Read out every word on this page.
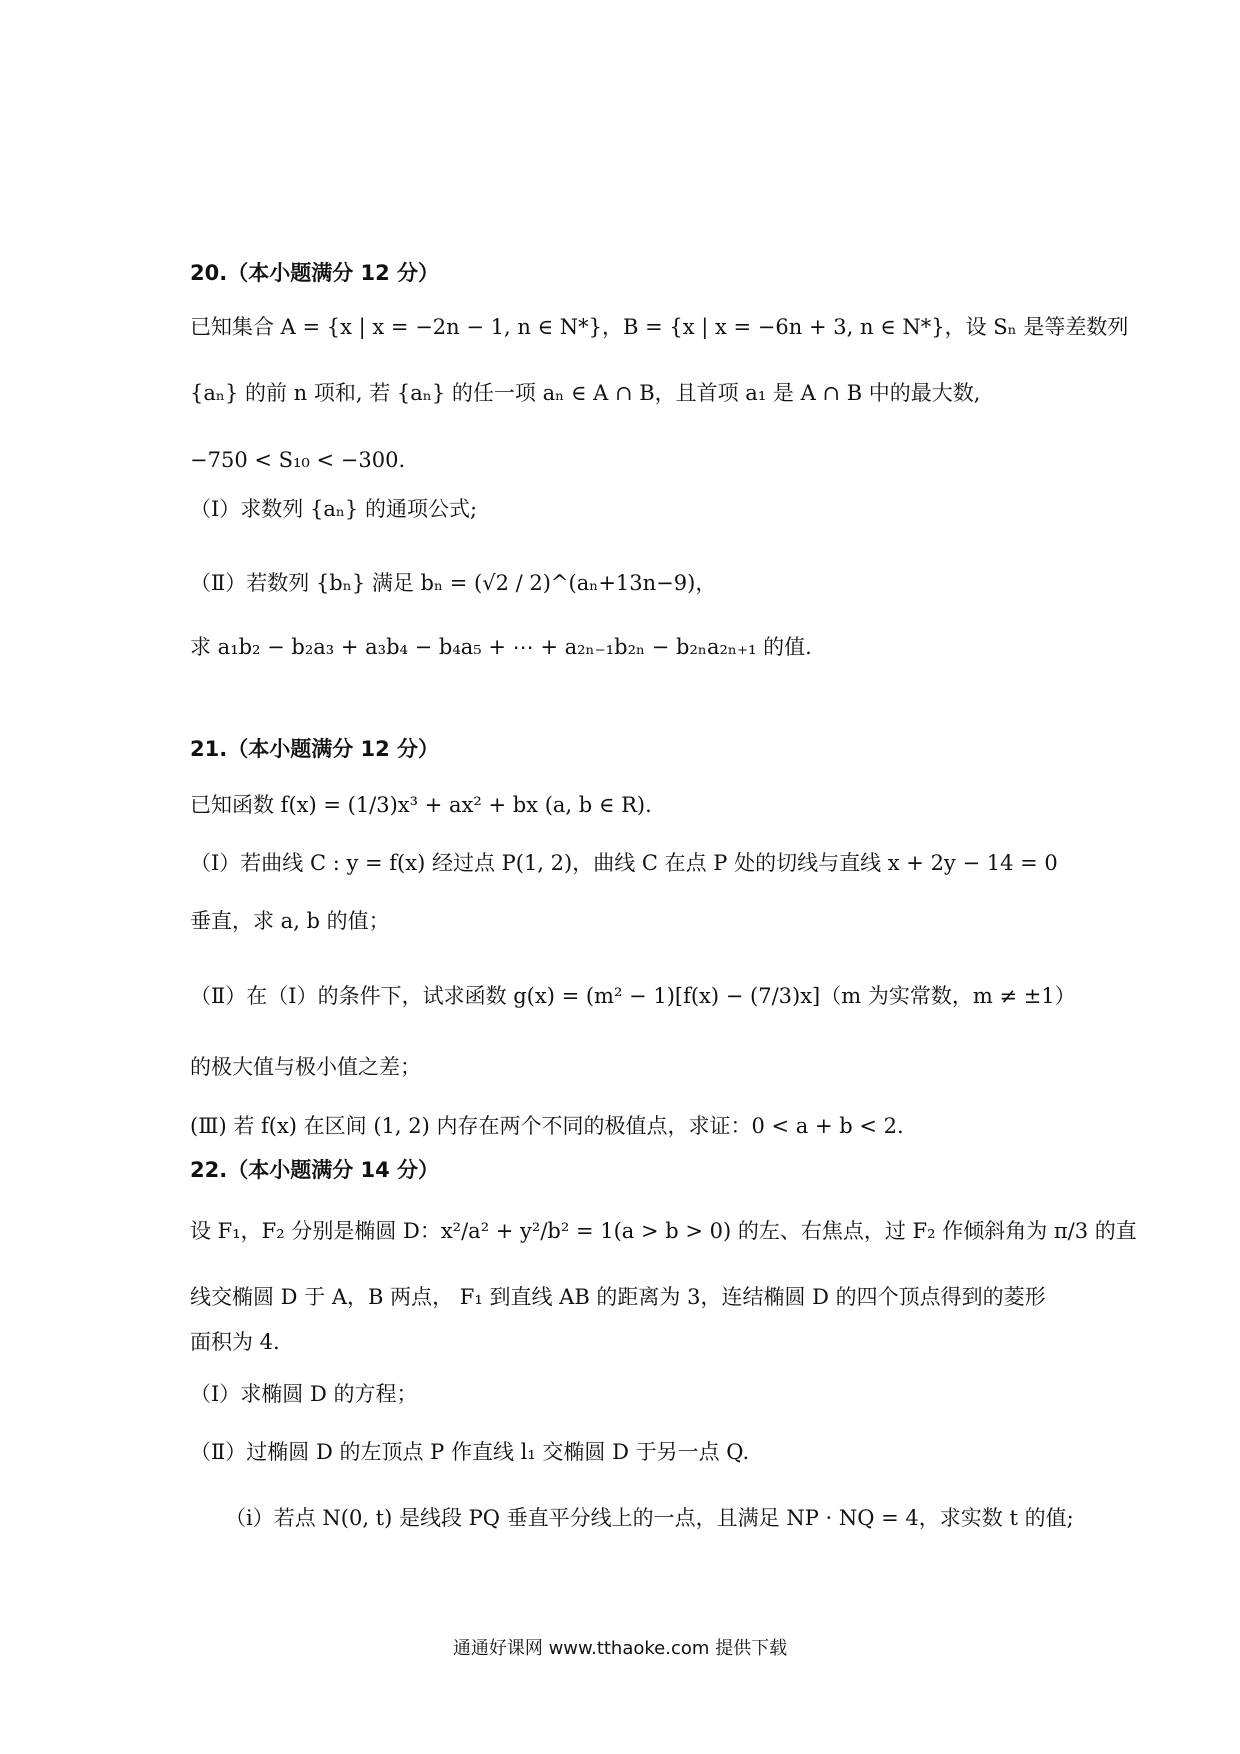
20.（本小题满分 12 分）
已知集合 A = {x | x = −2n − 1, n ∈ N*}，B = {x | x = −6n + 3, n ∈ N*}，设 Sₙ 是等差数列
{aₙ} 的前 n 项和, 若 {aₙ} 的任一项 aₙ ∈ A ∩ B，且首项 a₁ 是 A ∩ B 中的最大数,
−750 < S₁₀ < −300.
（Ⅰ）求数列 {aₙ} 的通项公式;
（Ⅱ）若数列 {bₙ} 满足 bₙ = (√2 / 2)^(aₙ+13n−9)，
求 a₁b₂ − b₂a₃ + a₃b₄ − b₄a₅ + ⋯ + a₂ₙ₋₁b₂ₙ − b₂ₙa₂ₙ₊₁ 的值.
21.（本小题满分 12 分）
已知函数 f(x) = (1/3)x³ + ax² + bx (a, b ∈ R).
（Ⅰ）若曲线 C : y = f(x) 经过点 P(1, 2)，曲线 C 在点 P 处的切线与直线 x + 2y − 14 = 0
垂直，求 a, b 的值；
（Ⅱ）在（Ⅰ）的条件下，试求函数 g(x) = (m² − 1)[f(x) − (7/3)x]（m 为实常数，m ≠ ±1）
的极大值与极小值之差；
(Ⅲ) 若 f(x) 在区间 (1, 2) 内存在两个不同的极值点，求证：0 < a + b < 2.
22.（本小题满分 14 分）
设 F₁，F₂ 分别是椭圆 D：x²/a² + y²/b² = 1(a > b > 0) 的左、右焦点，过 F₂ 作倾斜角为 π/3 的直
线交椭圆 D 于 A，B 两点， F₁ 到直线 AB 的距离为 3，连结椭圆 D 的四个顶点得到的菱形
面积为 4.
（Ⅰ）求椭圆 D 的方程；
（Ⅱ）过椭圆 D 的左顶点 P 作直线 l₁ 交椭圆 D 于另一点 Q.
（ⅰ）若点 N(0, t) 是线段 PQ 垂直平分线上的一点，且满足 NP · NQ = 4，求实数 t 的值;
通通好课网 www.tthaoke.com 提供下载
